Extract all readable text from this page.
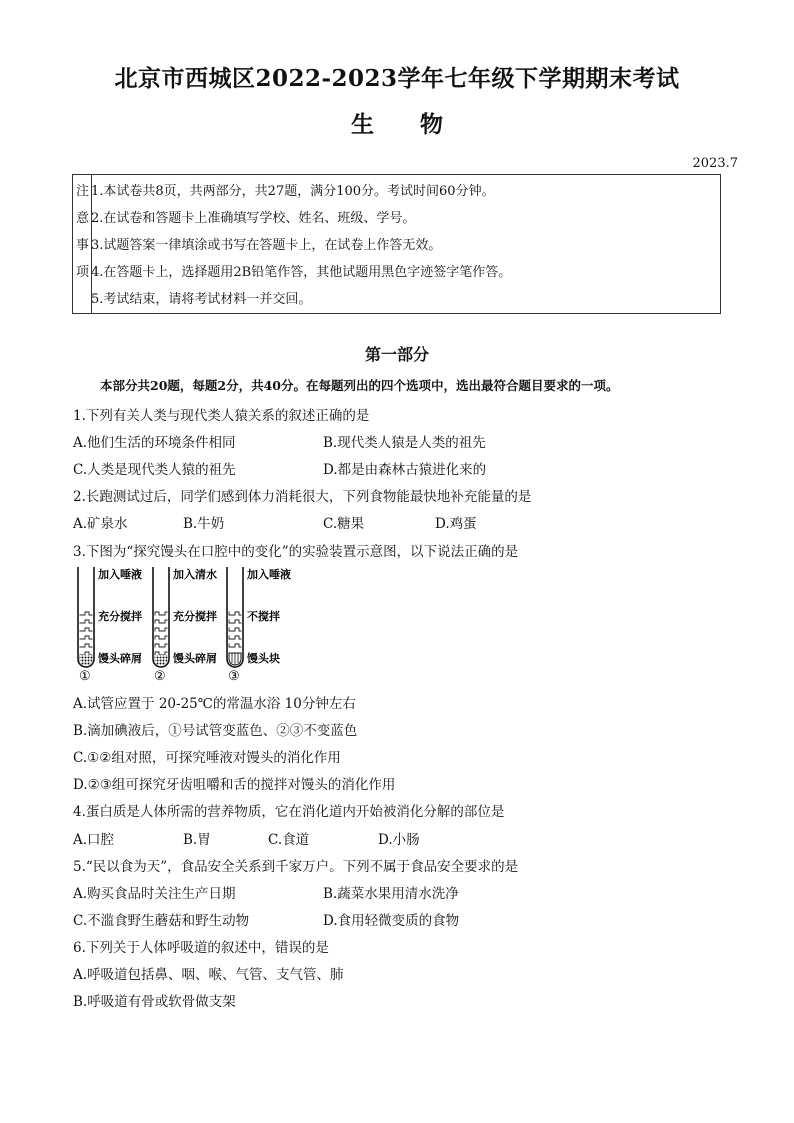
北京市西城区2022-2023学年七年级下学期期末考试
生 物
2023.7
注
意
事
项
1.本试卷共8页，共两部分，共27题，满分100分。考试时间60分钟。
2.在试卷和答题卡上准确填写学校、姓名、班级、学号。
3.试题答案一律填涂或书写在答题卡上，在试卷上作答无效。
4.在答题卡上，选择题用2B铅笔作答，其他试题用黑色字迹签字笔作答。
5.考试结束，请将考试材料一并交回。
第一部分
本部分共20题，每题2分，共40分。在每题列出的四个选项中，选出最符合题目要求的一项。
1.下列有关人类与现代类人猿关系的叙述正确的是
A.他们生活的环境条件相同	B.现代类人猿是人类的祖先
C.人类是现代类人猿的祖先	D.都是由森林古猿进化来的
2.长跑测试过后，同学们感到体力消耗很大，下列食物能最快地补充能量的是
A.矿泉水	B.牛奶	C.糖果	D.鸡蛋
3.下图为“探究馒头在口腔中的变化”的实验装置示意图，以下说法正确的是
加入唾液
充分搅拌
馒头碎屑
①
加入清水
充分搅拌
馒头碎屑
②
加入唾液
不搅拌
馒头块
③
A.试管应置于 20-25℃的常温水浴 10分钟左右
B.滴加碘液后，①号试管变蓝色、②③不变蓝色
C.①②组对照，可探究唾液对馒头的消化作用
D.②③组可探究牙齿咀嚼和舌的搅拌对馒头的消化作用
4.蛋白质是人体所需的营养物质，它在消化道内开始被消化分解的部位是
A.口腔	B.胃	C.食道	D.小肠
5.“民以食为天”，食品安全关系到千家万户。下列不属于食品安全要求的是
A.购买食品时关注生产日期	B.蔬菜水果用清水洗净
C.不滥食野生蘑菇和野生动物	D.食用轻微变质的食物
6.下列关于人体呼吸道的叙述中，错误的是
A.呼吸道包括鼻、咽、喉、气管、支气管、肺
B.呼吸道有骨或软骨做支架
